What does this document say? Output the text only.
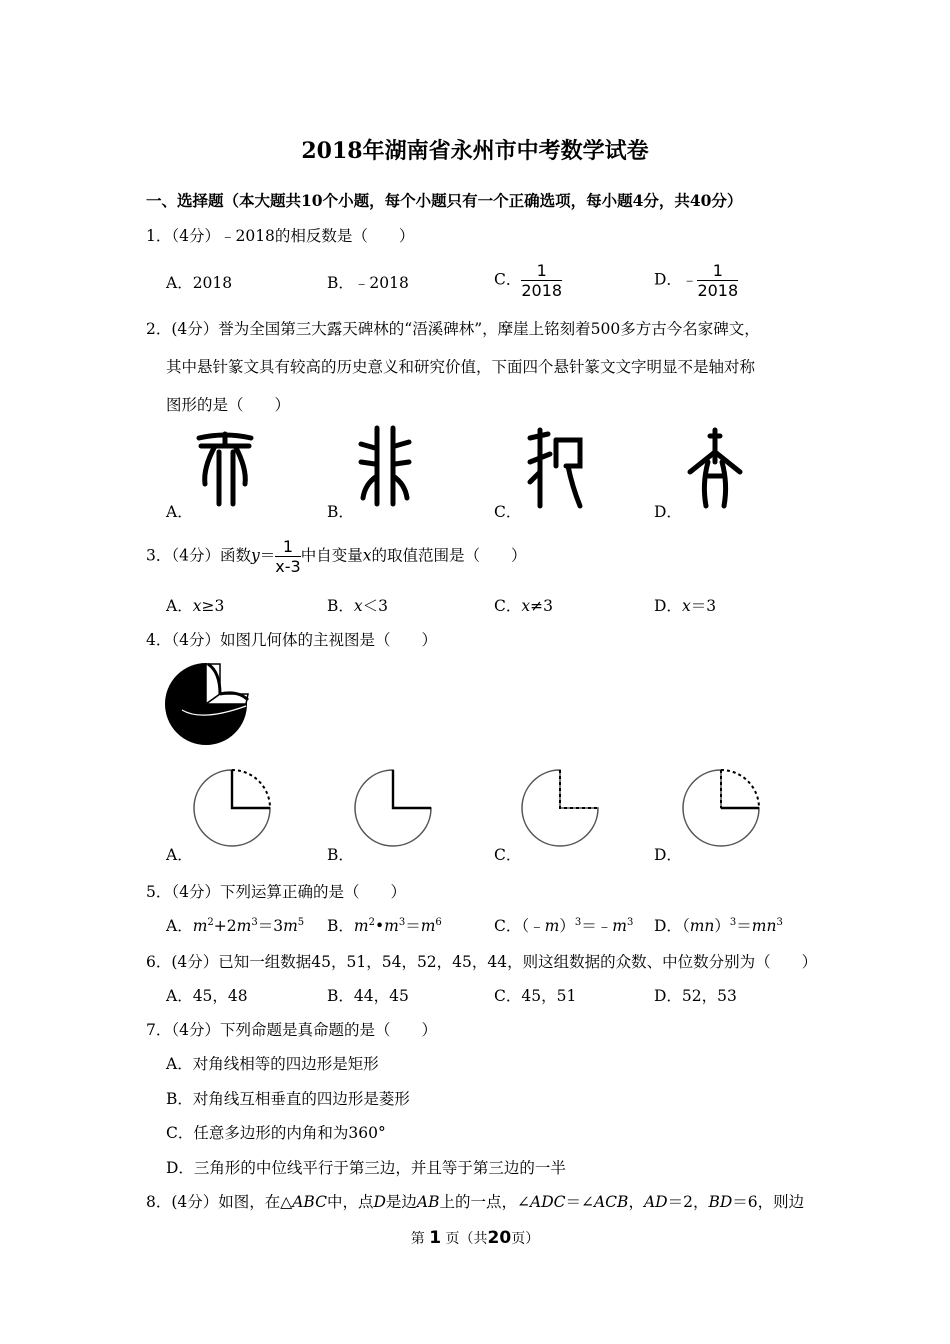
2018年湖南省永州市中考数学试卷
一、选择题（本大题共10个小题，每个小题只有一个正确选项，每小题4分，共40分）
1．（4分）﹣2018的相反数是（　　）
A．2018	B．﹣2018	C． $\frac{1}{2018}$	D．﹣ $\frac{1}{2018}$
2．(4分）誉为全国第三大露天碑林的“浯溪碑林”，摩崖上铭刻着500多方古今名家碑文，
其中悬针篆文具有较高的历史意义和研究价值，下面四个悬针篆文文字明显不是轴对称
图形的是（　　）
A．	B．	C．	D．
3．（4分）函数$y= \frac{1}{x-3}$ 中自变量x的取值范围是（　　）
A．x≥3	B．x＜3	C．x≠3	D．x＝3
4．（4分）如图几何体的主视图是（　　）
A．	B．	C．	D．
5．（4分）下列运算正确的是（　　）
A．$m^2+2m^3=3m^5$ B．$m^2•m^3=m^6$	C．$(﹣m)^3=﹣m^3$ D．$(mn)^3=mn^3$
6．(4分）已知一组数据45，51，54，52，45，44，则这组数据的众数、中位数分别为（　　）
A．45，48	B．44，45	C．45，51	D．52，53
7．（4分）下列命题是真命题的是（　　）
A．对角线相等的四边形是矩形
B．对角线互相垂直的四边形是菱形
C．任意多边形的内角和为360°
D．三角形的中位线平行于第三边，并且等于第三边的一半
8．(4分）如图，在△ABC中，点D是边AB上的一点，∠ADC＝∠ACB，AD＝2，BD＝6，则边
第 1 页（共20页）
